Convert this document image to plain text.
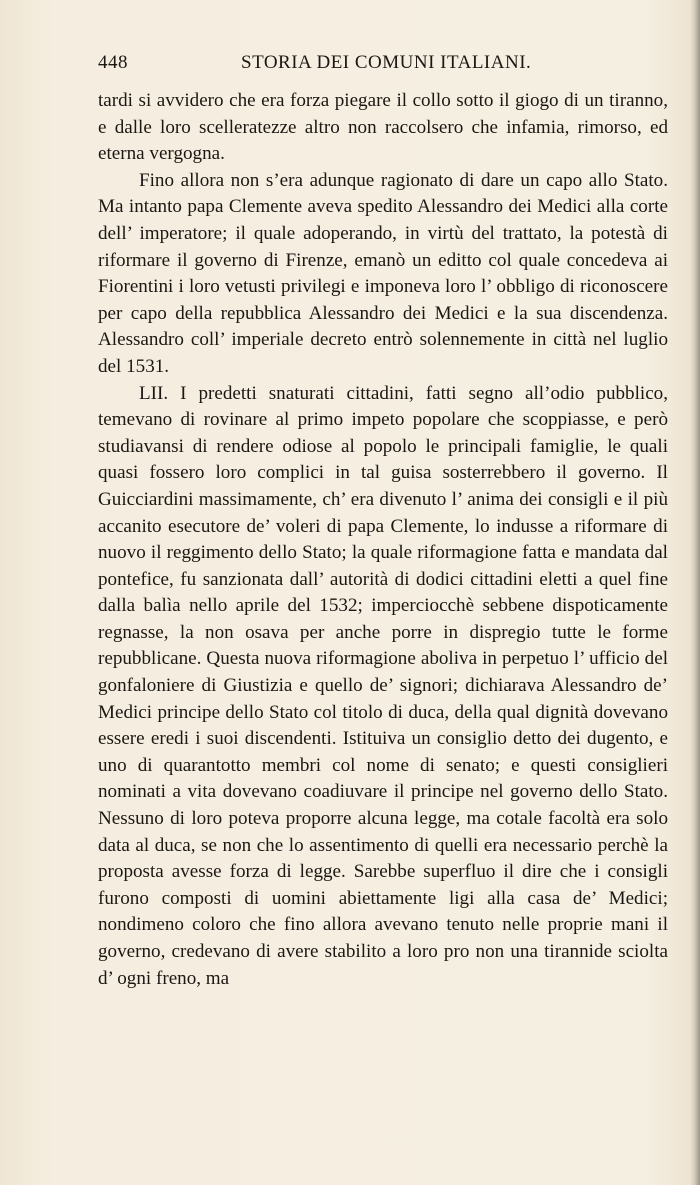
448	STORIA DEI COMUNI ITALIANI.

tardi si avvidero che era forza piegare il collo sotto il giogo di un tiranno, e dalle loro scelleratezze altro non raccolsero che infamia, rimorso, ed eterna vergogna.

Fino allora non s’era adunque ragionato di dare un capo allo Stato. Ma intanto papa Clemente aveva spedito Alessandro dei Medici alla corte dell’ imperatore; il quale adoperando, in virtù del trattato, la potestà di riformare il governo di Firenze, emanò un editto col quale concedeva ai Fiorentini i loro vetusti privilegi e imponeva loro l’ obbligo di riconoscere per capo della repubblica Alessandro dei Medici e la sua discendenza. Alessandro coll’ imperiale decreto entrò solennemente in città nel luglio del 1531.

LII. I predetti snaturati cittadini, fatti segno all’odio pubblico, temevano di rovinare al primo impeto popolare che scoppiasse, e però studiavansi di rendere odiose al popolo le principali famiglie, le quali quasi fossero loro complici in tal guisa sosterrebbero il governo. Il Guicciardini massimamente, ch’ era divenuto l’ anima dei consigli e il più accanito esecutore de’ voleri di papa Clemente, lo indusse a riformare di nuovo il reggimento dello Stato; la quale riformagione fatta e mandata dal pontefice, fu sanzionata dall’ autorità di dodici cittadini eletti a quel fine dalla balìa nello aprile del 1532; imperciocchè sebbene dispoticamente regnasse, la non osava per anche porre in dispregio tutte le forme repubblicane. Questa nuova riformagione aboliva in perpetuo l’ ufficio del gonfaloniere di Giustizia e quello de’ signori; dichiarava Alessandro de’ Medici principe dello Stato col titolo di duca, della qual dignità dovevano essere eredi i suoi discendenti. Istituiva un consiglio detto dei dugento, e uno di quarantotto membri col nome di senato; e questi consiglieri nominati a vita dovevano coadiuvare il principe nel governo dello Stato. Nessuno di loro poteva proporre alcuna legge, ma cotale facoltà era solo data al duca, se non che lo assentimento di quelli era necessario perchè la proposta avesse forza di legge. Sarebbe superfluo il dire che i consigli furono composti di uomini abiettamente ligi alla casa de’ Medici; nondimeno coloro che fino allora avevano tenuto nelle proprie mani il governo, credevano di avere stabilito a loro pro non una tirannide sciolta d’ ogni freno, ma
